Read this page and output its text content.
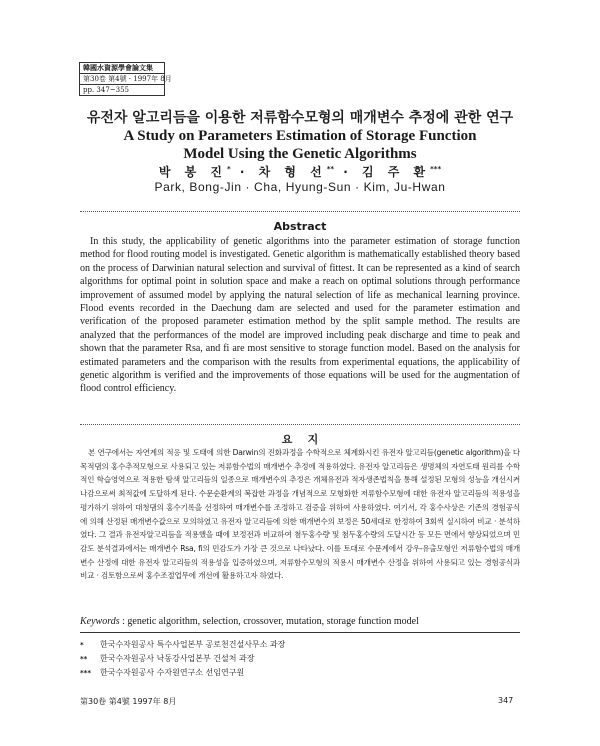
韓國水資源學會論文集
第30卷 第4號 · 1997年 8月
pp. 347~355
유전자 알고리듬을 이용한 저류함수모형의 매개변수 추정에 관한 연구
A Study on Parameters Estimation of Storage Function
Model Using the Genetic Algorithms
박 봉 진* · 차 형 선** · 김 주 환***
Park, Bong-Jin · Cha, Hyung-Sun · Kim, Ju-Hwan
Abstract

In this study, the applicability of genetic algorithms into the parameter estimation of storage function method for flood routing model is investigated. Genetic algorithm is mathematically established theory based on the process of Darwinian natural selection and survival of fittest. It can be represented as a kind of search algorithms for optimal point in solution space and make a reach on optimal solutions through performance improvement of assumed model by applying the natural selection of life as mechanical learning province. Flood events recorded in the Daechung dam are selected and used for the parameter estimation and verification of the proposed parameter estimation method by the split sample method. The results are analyzed that the performances of the model are improved including peak discharge and time to peak and shown that the parameter Rsa, and fi are most sensitive to storage function model. Based on the analysis for estimated parameters and the comparison with the results from experimental equations, the applicability of genetic algorithm is verified and the improvements of those equations will be used for the augmentation of flood control efficiency.

요    지

본 연구에서는 자연계의 적응 및 도태에 의한 Darwin의 진화과정을 수학적으로 체계화시킨 유전자 알고리듬(genetic algorithm)을 다목적댐의 홍수추적모형으로 사용되고 있는 저류함수법의 매개변수 추정에 적용하였다. 유전자 알고리듬은 생명체의 자연도태 원리를 수학적인 학습영역으로 적용한 탐색 알고리듬의 일종으로 매개변수의 추정은 개체유전과 적자생존법칙을 통해 설정된 모형의 성능을 개선시켜 나감으로써 최적값에 도달하게 된다. 수문순환계의 복잡한 과정을 개념적으로 모형화한 저류함수모형에 대한 유전자 알고리듬의 적용성을 평가하기 위하여 대청댐의 홍수기록을 선정하여 매개변수를 조정하고 검증을 위하여 사용하였다. 여기서, 각 홍수사상은 기존의 경험공식에 의해 산정된 매개변수값으로 모의하였고 유전자 알고리듬에 의한 매개변수의 보정은 50세대로 한정하여 3회씩 실시하여 비교 · 분석하였다. 그 결과 유전자알고리듬을 적용했을 때에 보정전과 비교하여 첨두홍수량 및 첨두홍수량의 도달시간 등 모든 면에서 향상되었으며 민감도 분석결과에서는 매개변수 Rsa, fi의 민감도가 가장 큰 것으로 나타났다. 이를 토대로 수문계에서 강우-유출모형인 저류함수법의 매개변수 산정에 대한 유전자 알고리듬의 적용성을 입증하였으며, 저류함수모형의 적용시 매개변수 산정을 위하여 사용되고 있는 경험공식과 비교 · 검토함으로써 홍수조절업무에 개선에 활용하고자 하였다.

Keywords : genetic algorithm, selection, crossover, mutation, storage function model
* 한국수자원공사 특수사업본부 공로천건설사무소 과장
** 한국수자원공사 낙동강사업본부 건설처 과장
*** 한국수자원공사 수자원연구소 선임연구원
第30卷 第4號 1997年 8月	347
